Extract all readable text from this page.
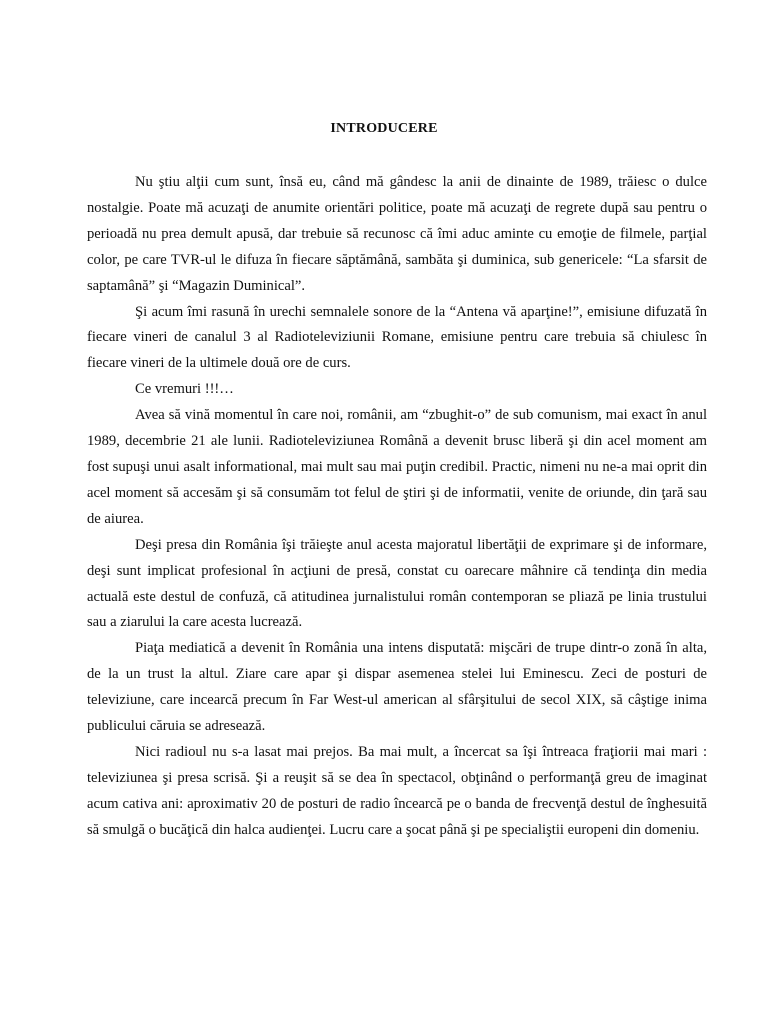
INTRODUCERE

Nu ştiu alţii cum sunt, însă eu, când mă gândesc la anii de dinainte de 1989, trăiesc o dulce nostalgie. Poate mă acuzaţi de anumite orientări politice, poate mă acuzaţi de regrete după sau pentru o perioadă nu prea demult apusă, dar trebuie să recunosc că îmi aduc aminte cu emoţie de filmele, parţial color, pe care TVR-ul le difuza în fiecare săptămână, sambăta şi duminica, sub genericele: “La sfarsit de saptamână” şi “Magazin Duminical”.

Şi acum îmi rasună în urechi semnalele sonore de la “Antena vă aparţine!”, emisiune difuzată în fiecare vineri de canalul 3 al Radioteleviziunii Romane, emisiune pentru care trebuia să chiulesc în fiecare vineri de la ultimele două ore de curs.

Ce vremuri !!!…

Avea să vină momentul în care noi, românii, am “zbughit-o” de sub comunism, mai exact în anul 1989, decembrie 21 ale lunii. Radioteleviziunea Română a devenit brusc liberă şi din acel moment am fost supuşi unui asalt informational, mai mult sau mai puţin credibil. Practic, nimeni nu ne-a mai oprit din acel moment să accesăm şi să consumăm tot felul de ştiri şi de informatii, venite de oriunde, din ţară sau de aiurea.

Deşi presa din România îşi trăieşte anul acesta majoratul libertăţii de exprimare şi de informare, deşi sunt implicat profesional în acţiuni de presă, constat cu oarecare mâhnire că tendinţa din media actuală este destul de confuză, că atitudinea jurnalistului român contemporan se pliază pe linia trustului sau a ziarului la care acesta lucrează.

Piaţa mediatică a devenit în România una intens disputată: mişcări de trupe dintr-o zonă în alta, de la un trust la altul. Ziare care apar şi dispar asemenea stelei lui Eminescu. Zeci de posturi de televiziune, care incearcă precum în Far West-ul american al sfârşitului de secol XIX, să câştige inima publicului căruia se adresează.

Nici radioul nu s-a lasat mai prejos. Ba mai mult, a încercat sa îşi întreaca fraţiorii mai mari : televiziunea şi presa scrisă. Şi a reuşit să se dea în spectacol, obţinând o performanţă greu de imaginat acum cativa ani: aproximativ 20 de posturi de radio încearcă pe o banda de frecvenţă destul de înghesuită să smulgă o bucăţică din halca audienţei. Lucru care a şocat până şi pe specialiştii europeni din domeniu.
